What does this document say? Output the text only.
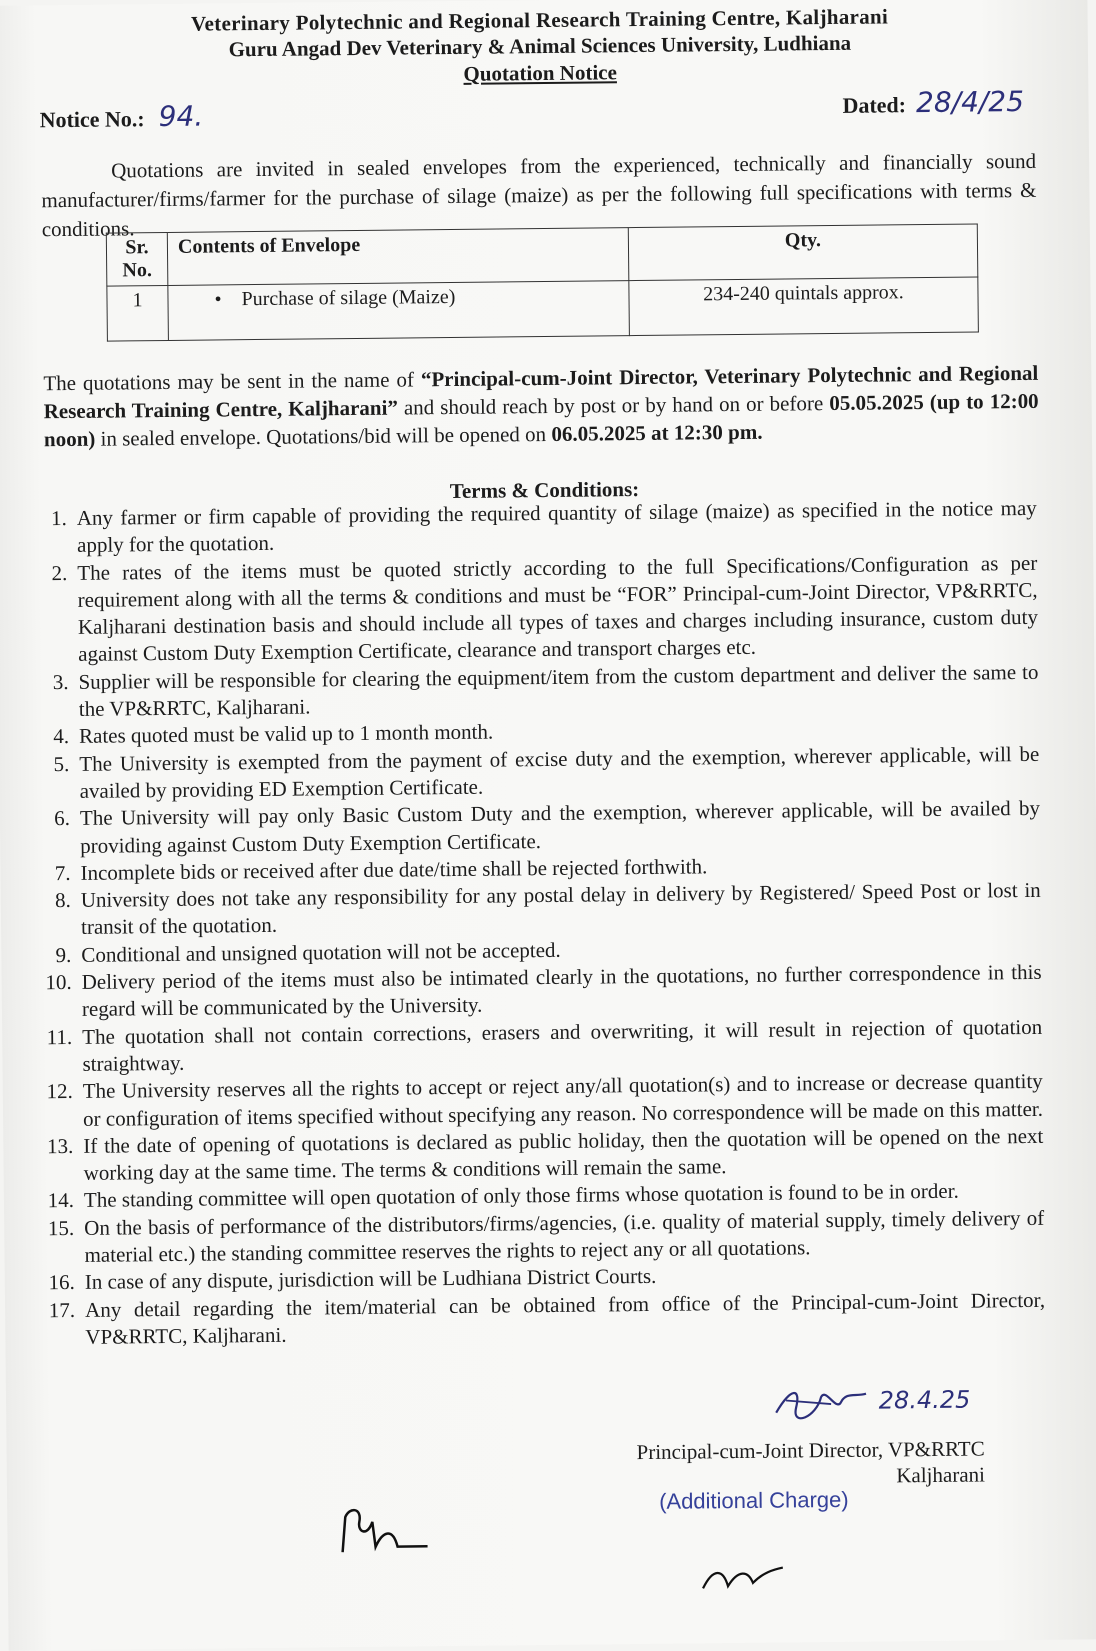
Veterinary Polytechnic and Regional Research Training Centre, Kaljharani
Guru Angad Dev Veterinary & Animal Sciences University, Ludhiana
Quotation Notice
Notice No.: 94.	Dated: 28/4/25
Quotations are invited in sealed envelopes from the experienced, technically and financially sound manufacturer/firms/farmer for the purchase of silage (maize) as per the following full specifications with terms & conditions.
Sr. No.	Contents of Envelope	Qty.
1	• Purchase of silage (Maize)	234-240 quintals approx.
The quotations may be sent in the name of “Principal-cum-Joint Director, Veterinary Polytechnic and Regional Research Training Centre, Kaljharani” and should reach by post or by hand on or before 05.05.2025 (up to 12:00 noon) in sealed envelope. Quotations/bid will be opened on 06.05.2025 at 12:30 pm.
Terms & Conditions:
1. Any farmer or firm capable of providing the required quantity of silage (maize) as specified in the notice may apply for the quotation.
2. The rates of the items must be quoted strictly according to the full Specifications/Configuration as per requirement along with all the terms & conditions and must be “FOR” Principal-cum-Joint Director, VP&RRTC, Kaljharani destination basis and should include all types of taxes and charges including insurance, custom duty against Custom Duty Exemption Certificate, clearance and transport charges etc.
3. Supplier will be responsible for clearing the equipment/item from the custom department and deliver the same to the VP&RRTC, Kaljharani.
4. Rates quoted must be valid up to 1 month month.
5. The University is exempted from the payment of excise duty and the exemption, wherever applicable, will be availed by providing ED Exemption Certificate.
6. The University will pay only Basic Custom Duty and the exemption, wherever applicable, will be availed by providing against Custom Duty Exemption Certificate.
7. Incomplete bids or received after due date/time shall be rejected forthwith.
8. University does not take any responsibility for any postal delay in delivery by Registered/ Speed Post or lost in transit of the quotation.
9. Conditional and unsigned quotation will not be accepted.
10. Delivery period of the items must also be intimated clearly in the quotations, no further correspondence in this regard will be communicated by the University.
11. The quotation shall not contain corrections, erasers and overwriting, it will result in rejection of quotation straightway.
12. The University reserves all the rights to accept or reject any/all quotation(s) and to increase or decrease quantity or configuration of items specified without specifying any reason. No correspondence will be made on this matter.
13. If the date of opening of quotations is declared as public holiday, then the quotation will be opened on the next working day at the same time. The terms & conditions will remain the same.
14. The standing committee will open quotation of only those firms whose quotation is found to be in order.
15. On the basis of performance of the distributors/firms/agencies, (i.e. quality of material supply, timely delivery of material etc.) the standing committee reserves the rights to reject any or all quotations.
16. In case of any dispute, jurisdiction will be Ludhiana District Courts.
17. Any detail regarding the item/material can be obtained from office of the Principal-cum-Joint Director, VP&RRTC, Kaljharani.
28.4.25
Principal-cum-Joint Director, VP&RRTC
Kaljharani
(Additional Charge)
